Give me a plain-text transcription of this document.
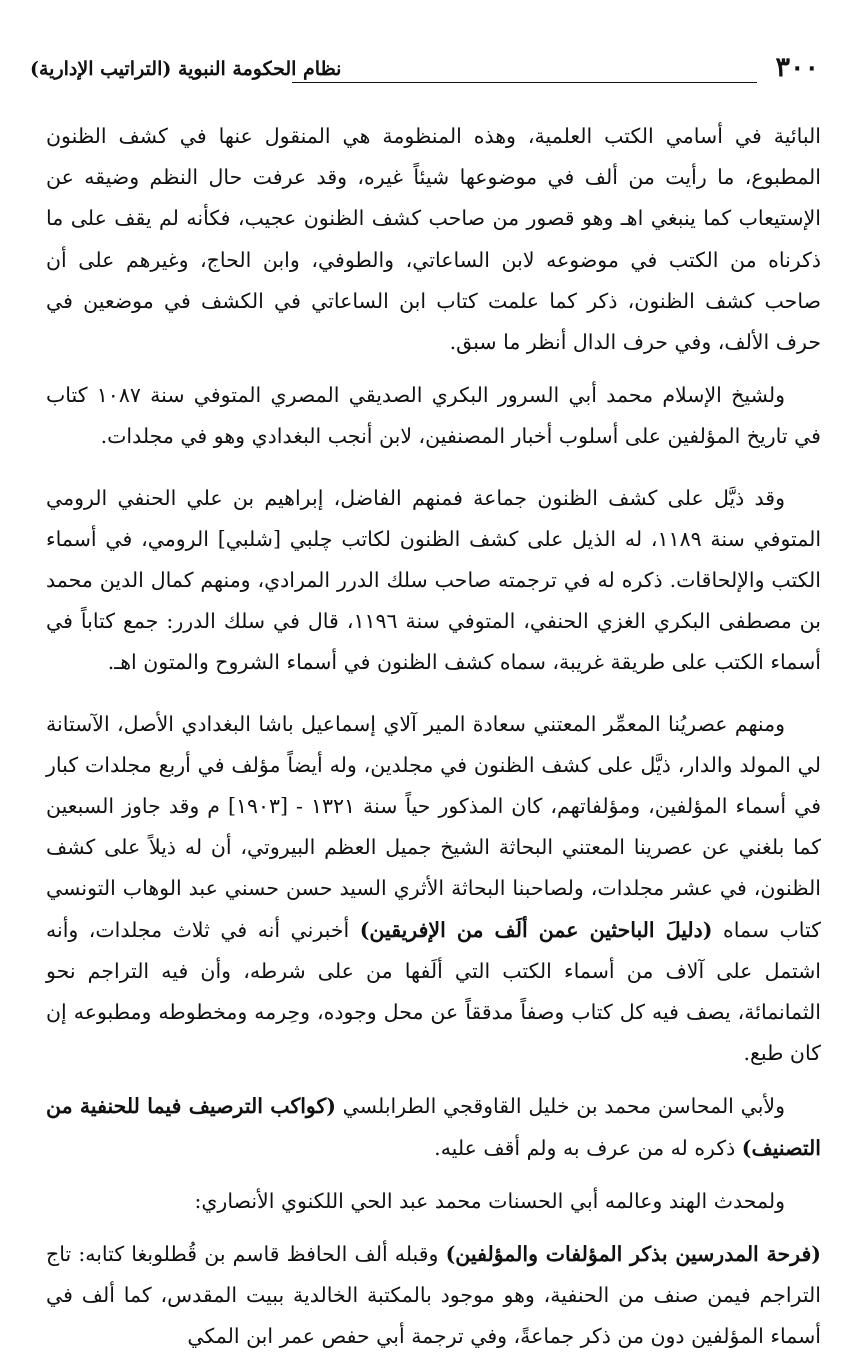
٣٠٠
نظام الحكومة النبوية (التراتيب الإدارية)

البائية في أسامي الكتب العلمية، وهذه المنظومة هي المنقول عنها في كشف الظنون المطبوع، ما رأيت من ألف في موضوعها شيئاً غيره، وقد عرفت حال النظم وضيقه عن الإستيعاب كما ينبغي اهـ وهو قصور من صاحب كشف الظنون عجيب، فكأنه لم يقف على ما ذكرناه من الكتب في موضوعه لابن الساعاتي، والطوفي، وابن الحاج، وغيرهم على أن صاحب كشف الظنون، ذكر كما علمت كتاب ابن الساعاتي في الكشف في موضعين في حرف الألف، وفي حرف الدال أنظر ما سبق.

ولشيخ الإسلام محمد أبي السرور البكري الصديقي المصري المتوفي سنة ١٠٨٧ كتاب في تاريخ المؤلفين على أسلوب أخبار المصنفين، لابن أنجب البغدادي وهو في مجلدات.

وقد ذيَّل على كشف الظنون جماعة فمنهم الفاضل، إبراهيم بن علي الحنفي الرومي المتوفي سنة ١١٨٩، له الذيل على كشف الظنون لكاتب چلبي [شلبي] الرومي، في أسماء الكتب والإلحاقات. ذكره له في ترجمته صاحب سلك الدرر المرادي، ومنهم كمال الدين محمد بن مصطفى البكري الغزي الحنفي، المتوفي سنة ١١٩٦، قال في سلك الدرر: جمع كتاباً في أسماء الكتب على طريقة غريبة، سماه كشف الظنون في أسماء الشروح والمتون اهـ.

ومنهم عصريُنا المعمِّر المعتني سعادة المير آلاي إسماعيل باشا البغدادي الأصل، الآستانة لي المولد والدار، ذيَّل على كشف الظنون في مجلدين، وله أيضاً مؤلف في أربع مجلدات كبار في أسماء المؤلفين، ومؤلفاتهم، كان المذكور حياً سنة ١٣٢١ - [١٩٠٣] م وقد جاوز السبعين كما بلغني عن عصرينا المعتني البحاثة الشيخ جميل العظم البيروتي، أن له ذيلاً على كشف الظنون، في عشر مجلدات، ولصاحبنا البحاثة الأثري السيد حسن حسني عبد الوهاب التونسي كتاب سماه (دليلَ الباحثين عمن ألَف من الإفريقين) أخبرني أنه في ثلاث مجلدات، وأنه اشتمل على آلاف من أسماء الكتب التي ألَفها من على شرطه، وأن فيه التراجم نحو الثمانمائة، يصف فيه كل كتاب وصفاً مدققاً عن محل وجوده، وحِرمه ومخطوطه ومطبوعه إن كان طبع.

ولأبي المحاسن محمد بن خليل القاوقجي الطرابلسي (كواكب الترصيف فيما للحنفية من التصنيف) ذكره له من عرف به ولم أقف عليه.

ولمحدث الهند وعالمه أبي الحسنات محمد عبد الحي اللكنوي الأنصاري:

(فرحة المدرسين بذكر المؤلفات والمؤلفين) وقبله ألف الحافظ قاسم بن قُطلوبغا كتابه: تاج التراجم فيمن صنف من الحنفية، وهو موجود بالمكتبة الخالدية ببيت المقدس، كما ألف في أسماء المؤلفين دون من ذكر جماعةً، وفي ترجمة أبي حفص عمر ابن المكي
